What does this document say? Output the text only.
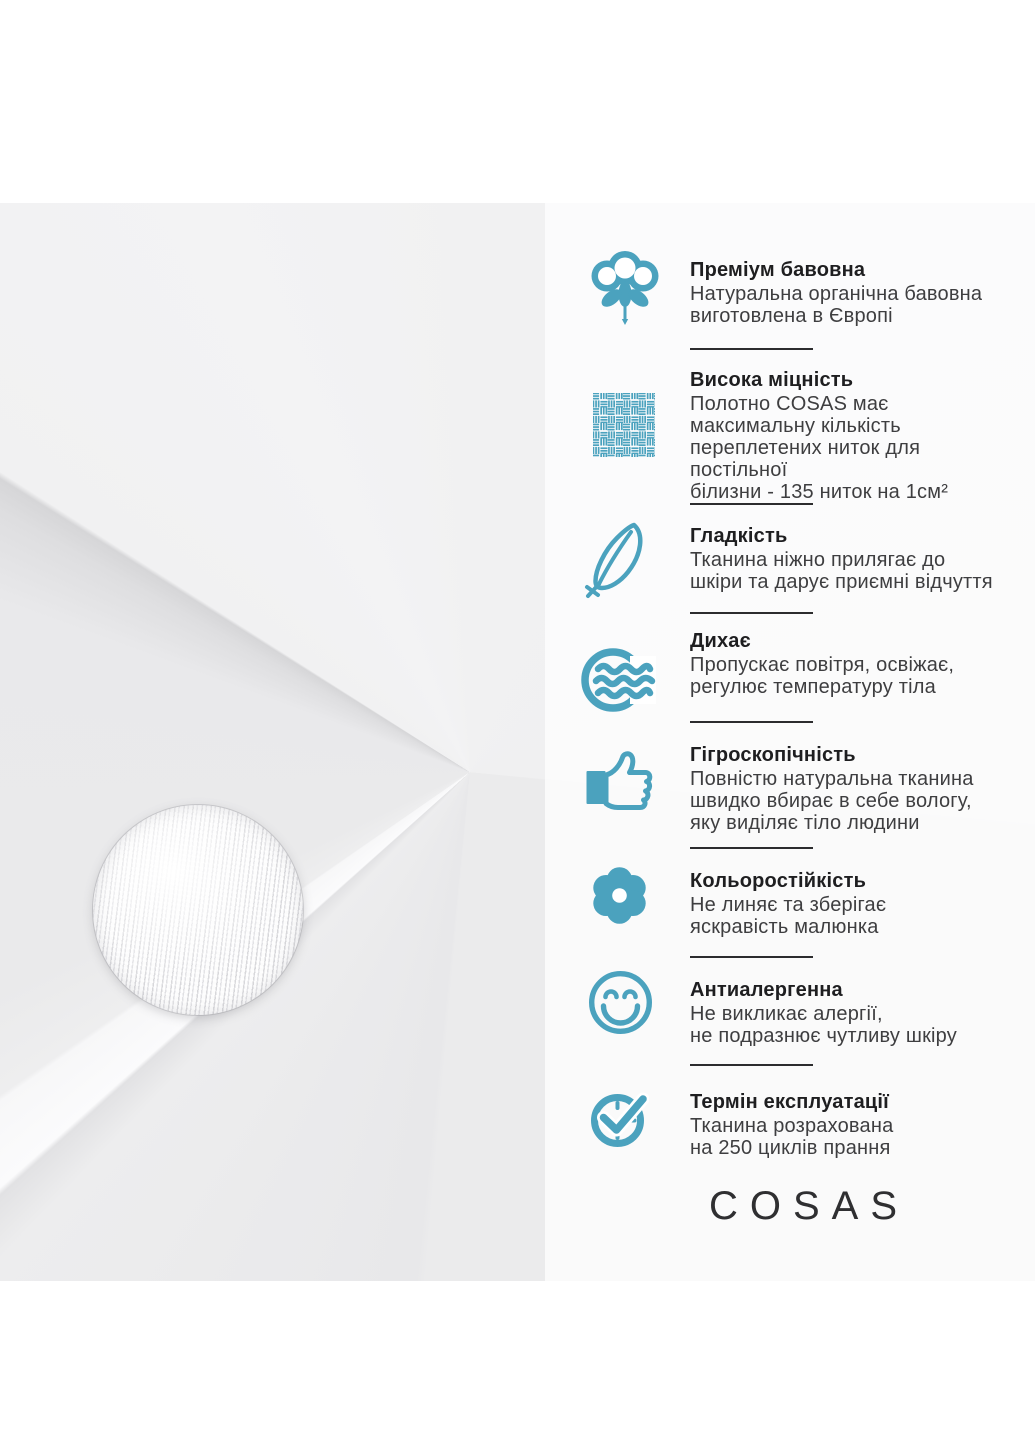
Преміум бавовна

Натуральна органічна бавовна
виготовлена в Європі

Висока міцність

Полотно COSAS має
максимальну кількість
переплетених ниток для постільної
білизни - 135 ниток на 1см²

Гладкість

Тканина ніжно прилягає до
шкіри та дарує приємні відчуття

Дихає

Пропускає повітря, освіжає,
регулює температуру тіла

Гігроскопічність

Повністю натуральна тканина
швидко вбирає в себе вологу,
яку виділяє тіло людини

Кольоростійкість

Не линяє та зберігає
яскравість малюнка

Антиалергенна

Не викликає алергії,
не подразнює чутливу шкіру

Термін експлуатації

Тканина розрахована
на 250 циклів прання

COSAS
